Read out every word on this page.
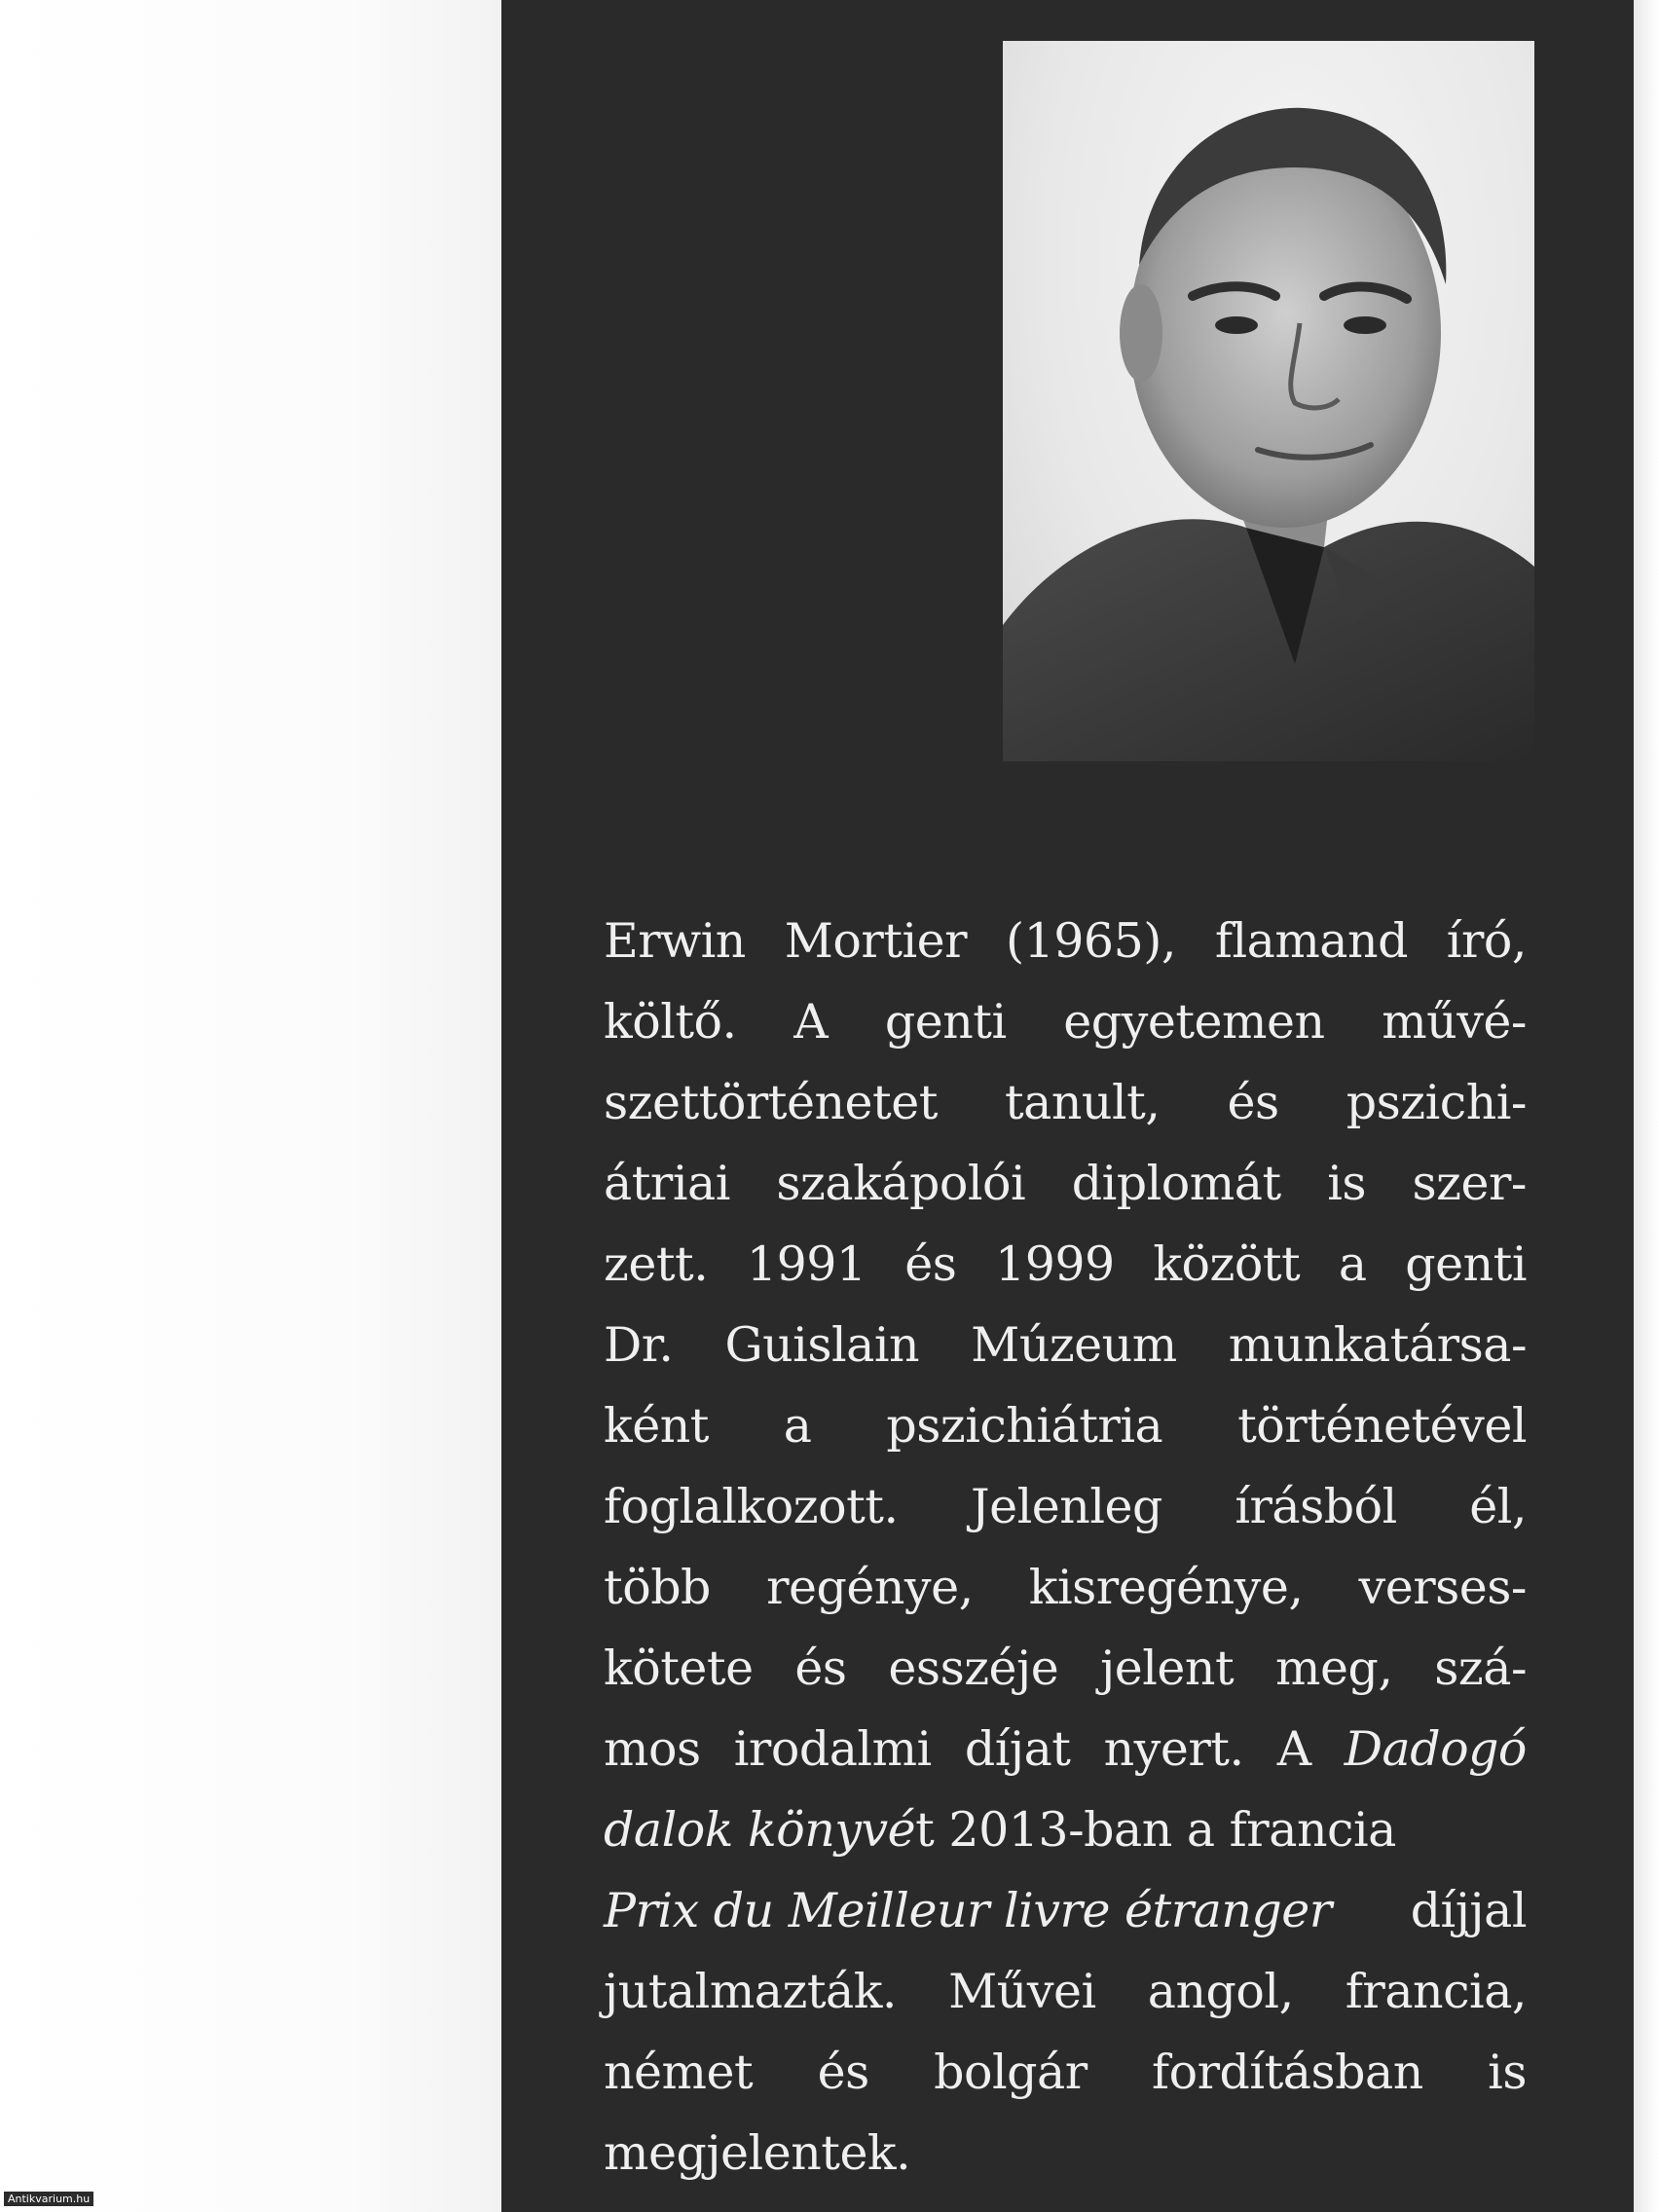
Erwin Mortier (1965), flamand író,
költő. A genti egyetemen művé-
szettörténetet tanult, és pszichi-
átriai szakápolói diplomát is szer-
zett. 1991 és 1999 között a genti
Dr. Guislain Múzeum munkatársa-
ként a pszichiátria történetével
foglalkozott. Jelenleg írásból él,
több regénye, kisregénye, verses-
kötete és esszéje jelent meg, szá-
mos irodalmi díjat nyert. A Dadogó
dalok könyvét 2013-ban a francia
Prix du Meilleur livre étranger díjjal
jutalmazták. Művei angol, francia,
német és bolgár fordításban is
megjelentek.

Antikvarium.hu
